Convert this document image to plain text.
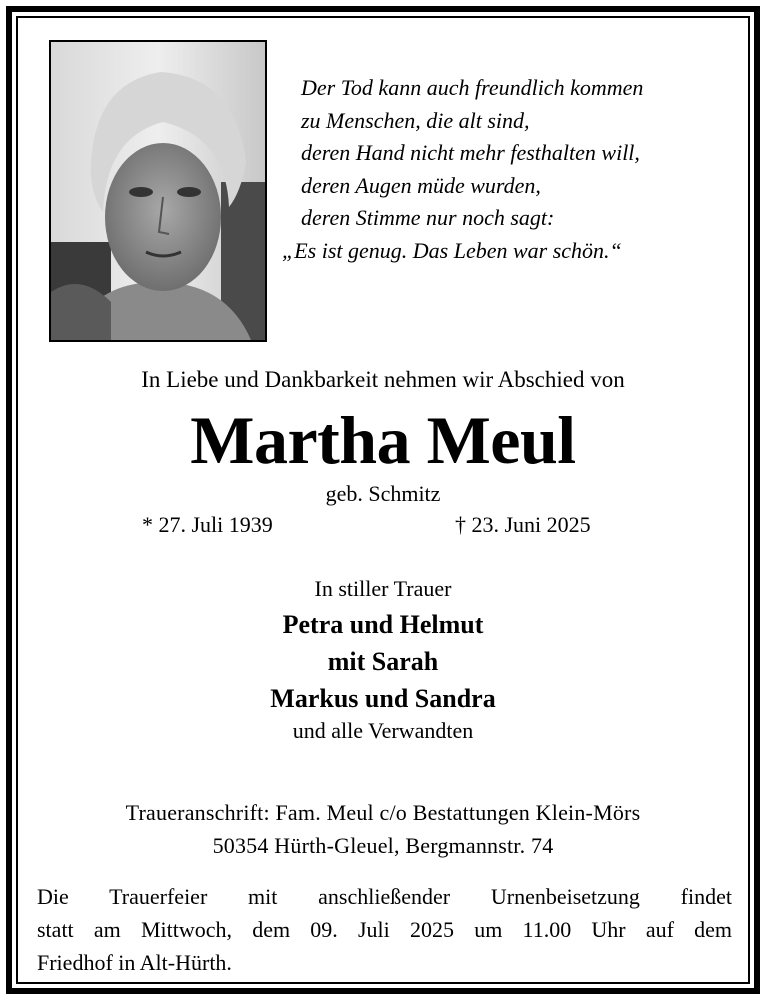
Der Tod kann auch freundlich kommen
zu Menschen, die alt sind,
deren Hand nicht mehr festhalten will,
deren Augen müde wurden,
deren Stimme nur noch sagt:
„Es ist genug. Das Leben war schön.“
In Liebe und Dankbarkeit nehmen wir Abschied von
Martha Meul
geb. Schmitz
* 27. Juli 1939	† 23. Juni 2025
In stiller Trauer
Petra und Helmut
mit Sarah
Markus und Sandra
und alle Verwandten
Traueranschrift: Fam. Meul c/o Bestattungen Klein-Mörs
50354 Hürth-Gleuel, Bergmannstr. 74
Die Trauerfeier mit anschließender Urnenbeisetzung findet
statt am Mittwoch, dem 09. Juli 2025 um 11.00 Uhr auf dem
Friedhof in Alt-Hürth.
